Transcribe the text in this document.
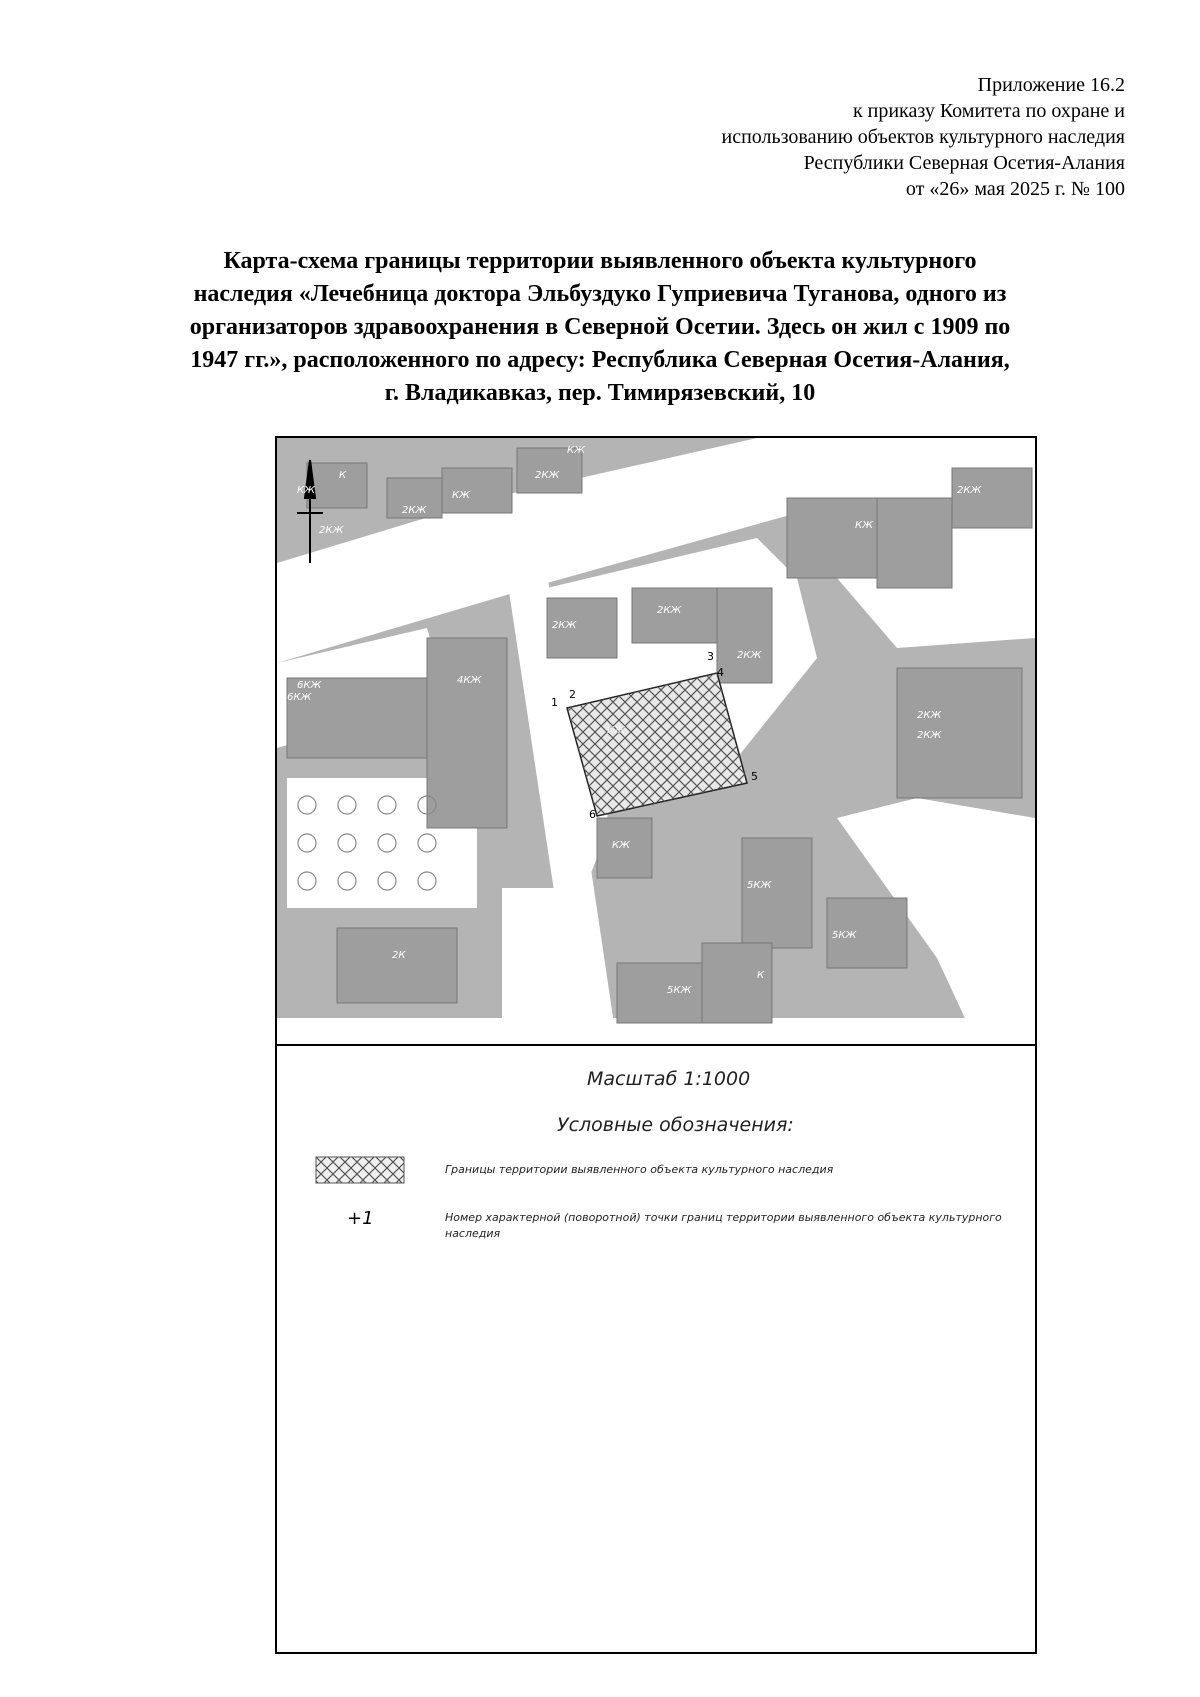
Приложение 16.2
к приказу Комитета по охране и
использованию объектов культурного наследия
Республики Северная Осетия-Алания
от «26» мая 2025 г. № 100
Карта-схема границы территории выявленного объекта культурного
наследия «Лечебница доктора Эльбуздуко Гуприевича Туганова, одного из
организаторов здравоохранения в Северной Осетии. Здесь он жил с 1909 по
1947 гг.», расположенного по адресу: Республика Северная Осетия-Алания,
г. Владикавказ, пер. Тимирязевский, 10
К
КЖ
2КЖ
2КЖ
КЖ
2КЖ
КЖ
2КЖ 2КЖ
КЖ
6КЖ
2КЖ
2КЖ
2КЖ
2КЖ
Н
6КЖ
4КЖ
КЖ	2КЖ
КЖ
5КЖ
2К
К
5КЖ
5КЖ
1
2
3
4
5
6
Масштаб 1:1000
Условные обозначения:
Границы территории выявленного объекта культурного наследия
+1	Номер характерной (поворотной) точки границ территории выявленного объекта культурного наследия
